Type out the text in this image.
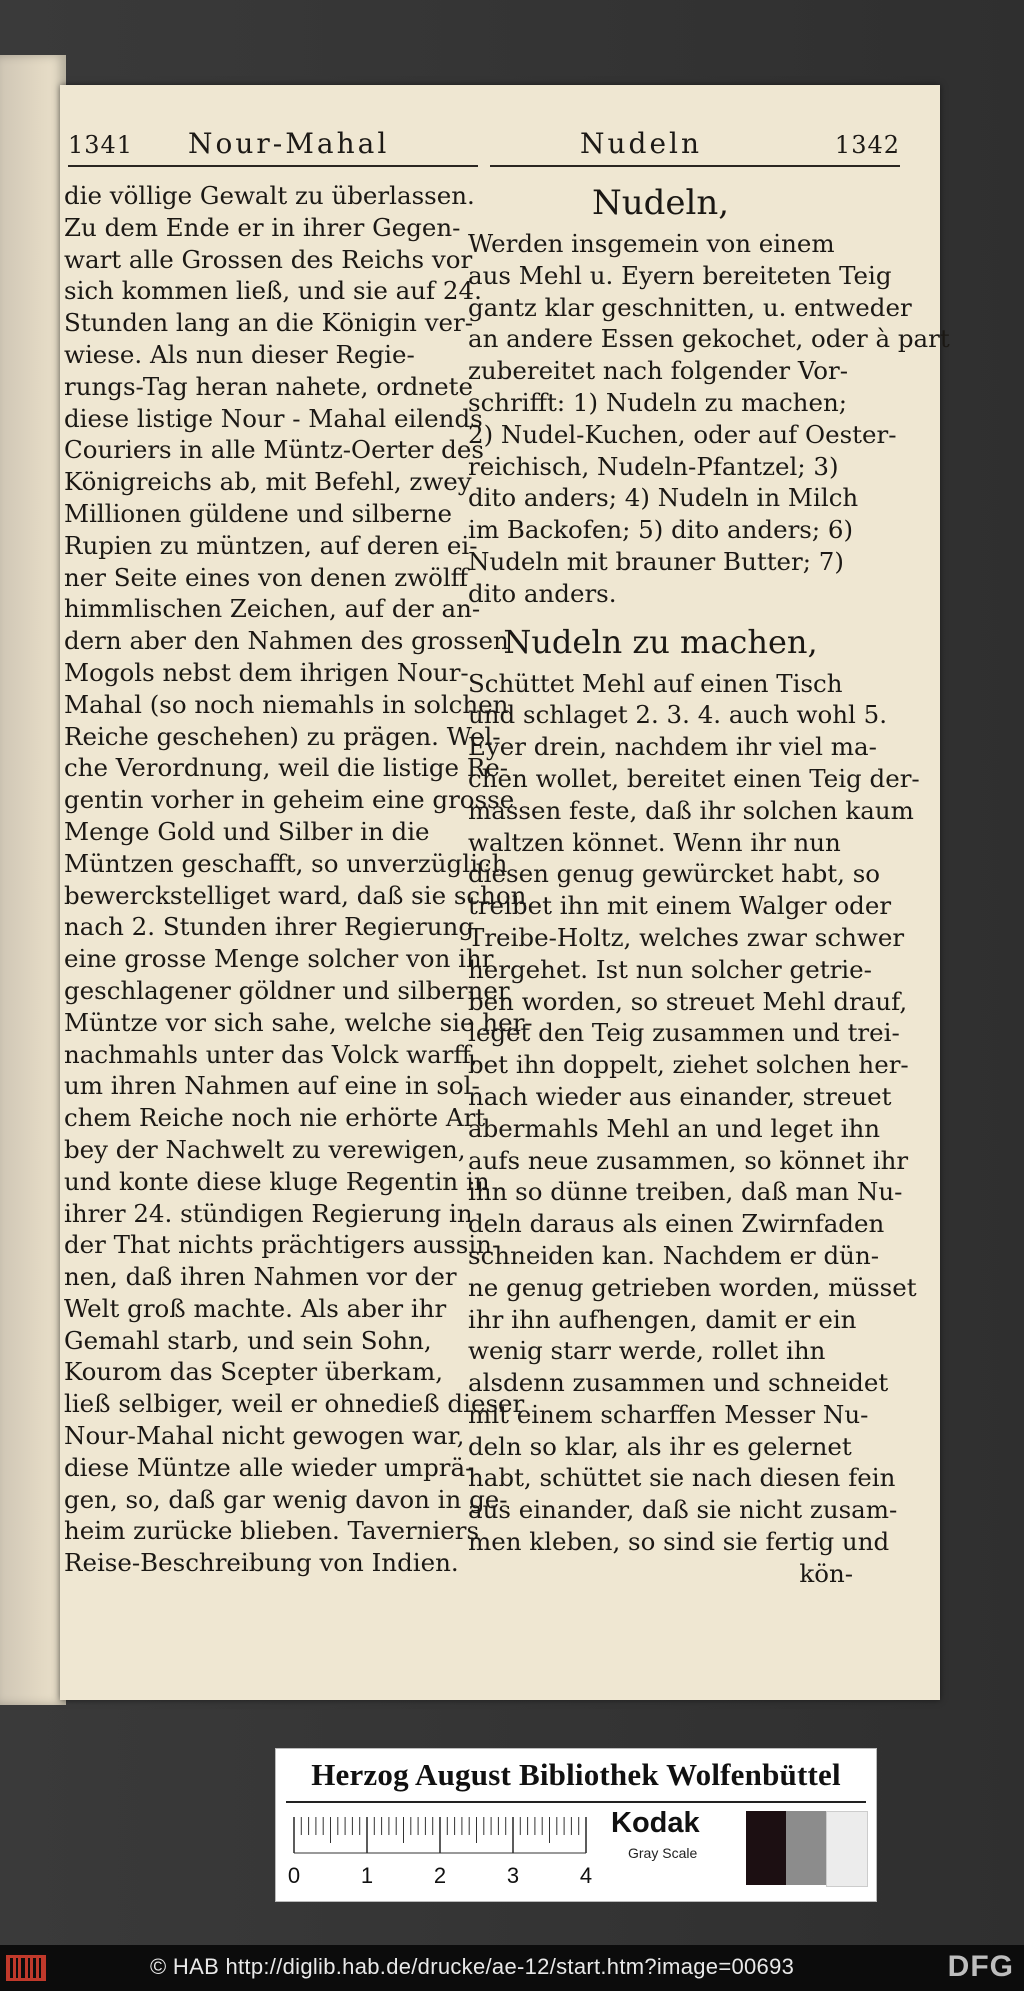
1341 Nour-Mahal	Nudeln	1342
die völlige Gewalt zu überlassen.
Zu dem Ende er in ihrer Gegen-
wart alle Grossen des Reichs vor
sich kommen ließ, und sie auf 24.
Stunden lang an die Königin ver-
wiese. Als nun dieser Regie-
rungs-Tag heran nahete, ordnete
diese listige Nour - Mahal eilends
Couriers in alle Müntz-Oerter des
Königreichs ab, mit Befehl, zwey
Millionen güldene und silberne
Rupien zu müntzen, auf deren ei-
ner Seite eines von denen zwölff
himmlischen Zeichen, auf der an-
dern aber den Nahmen des grossen
Mogols nebst dem ihrigen Nour-
Mahal (so noch niemahls in solchen
Reiche geschehen) zu prägen. Wel-
che Verordnung, weil die listige Re-
gentin vorher in geheim eine grosse
Menge Gold und Silber in die
Müntzen geschafft, so unverzüglich
bewerckstelliget ward, daß sie schon
nach 2. Stunden ihrer Regierung
eine grosse Menge solcher von ihr
geschlagener göldner und silberner
Müntze vor sich sahe, welche sie her-
nachmahls unter das Volck warff,
um ihren Nahmen auf eine in sol-
chem Reiche noch nie erhörte Art
bey der Nachwelt zu verewigen,
und konte diese kluge Regentin in
ihrer 24. stündigen Regierung in
der That nichts prächtigers aussin-
nen, daß ihren Nahmen vor der
Welt groß machte. Als aber ihr
Gemahl starb, und sein Sohn,
Kourom das Scepter überkam,
ließ selbiger, weil er ohnedieß dieser
Nour-Mahal nicht gewogen war,
diese Müntze alle wieder umprä-
gen, so, daß gar wenig davon in ge-
heim zurücke blieben. Taverniers
Reise-Beschreibung von Indien.
Nudeln,
Werden insgemein von einem
aus Mehl u. Eyern bereiteten Teig
gantz klar geschnitten, u. entweder
an andere Essen gekochet, oder à part
zubereitet nach folgender Vor-
schrifft: 1) Nudeln zu machen;
2) Nudel-Kuchen, oder auf Oester-
reichisch, Nudeln-Pfantzel; 3)
dito anders; 4) Nudeln in Milch
im Backofen; 5) dito anders; 6)
Nudeln mit brauner Butter; 7)
dito anders.
Nudeln zu machen,
Schüttet Mehl auf einen Tisch
und schlaget 2. 3. 4. auch wohl 5.
Eyer drein, nachdem ihr viel ma-
chen wollet, bereitet einen Teig der-
massen feste, daß ihr solchen kaum
waltzen könnet. Wenn ihr nun
diesen genug gewürcket habt, so
treibet ihn mit einem Walger oder
Treibe-Holtz, welches zwar schwer
hergehet. Ist nun solcher getrie-
ben worden, so streuet Mehl drauf,
leget den Teig zusammen und trei-
bet ihn doppelt, ziehet solchen her-
nach wieder aus einander, streuet
abermahls Mehl an und leget ihn
aufs neue zusammen, so könnet ihr
ihn so dünne treiben, daß man Nu-
deln daraus als einen Zwirnfaden
schneiden kan. Nachdem er dün-
ne genug getrieben worden, müsset
ihr ihn aufhengen, damit er ein
wenig starr werde, rollet ihn
alsdenn zusammen und schneidet
mit einem scharffen Messer Nu-
deln so klar, als ihr es gelernet
habt, schüttet sie nach diesen fein
aus einander, daß sie nicht zusam-
men kleben, so sind sie fertig und
kön-
Herzog August Bibliothek Wolfenbüttel
0	1	2	3	4
Kodak
Gray Scale
© HAB http://diglib.hab.de/drucke/ae-12/start.htm?image=00693	DFG
